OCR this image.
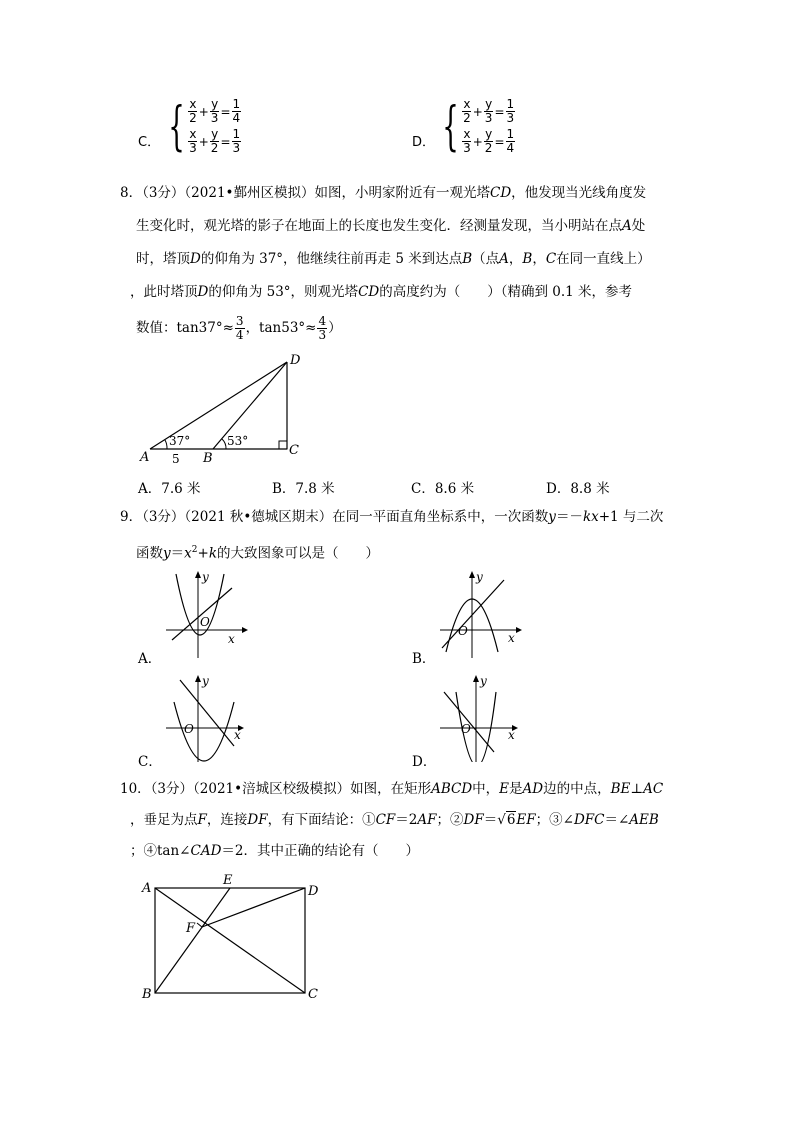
C． { $\frac{x}{2} + \frac{y}{3} = \frac{1}{4}$
$\frac{x}{3} + \frac{y}{2} = \frac{1}{3}$	D． { $\frac{x}{2} + \frac{y}{3} = \frac{1}{3}$
$\frac{x}{3} + \frac{y}{2} = \frac{1}{4}$
8．（3分）（2021•鄞州区模拟）如图，小明家附近有一观光塔CD，他发现当光线角度发
生变化时，观光塔的影子在地面上的长度也发生变化．经测量发现，当小明站在点A处
时，塔顶D的仰角为 37°，他继续往前再走 5 米到达点B（点A，B，C在同一直线上）
，此时塔顶D的仰角为 53°，则观光塔CD的高度约为（　　）（精确到 0.1 米，参考
数值：$\tan 37^\circ\approx \frac{3}{4}$ ，$\tan 53^\circ\approx \frac{4}{3}$ ）
D
A	B
C
37°	53°
5
A．7.6 米	B．7.8 米	C．8.6 米	D．8.8 米
9．（3分）（2021 秋•德城区期末）在同一平面直角坐标系中，一次函数y＝－kx+1 与二次
函数$y=x^2+k$的大致图象可以是（　　）
y
x
O
A．
y
x
O
B．
y
x
O
C．
y
x
O
D．
10．（3分）（2021•涪城区校级模拟）如图，在矩形ABCD中，E是AD边的中点，BE⊥AC
，垂足为点F，连接DF，有下面结论：①CF＝2AF；②DF＝√6EF；③∠DFC＝∠AEB
；④tan∠CAD＝2．其中正确的结论有（　　）
A
B	C
D
E
F
